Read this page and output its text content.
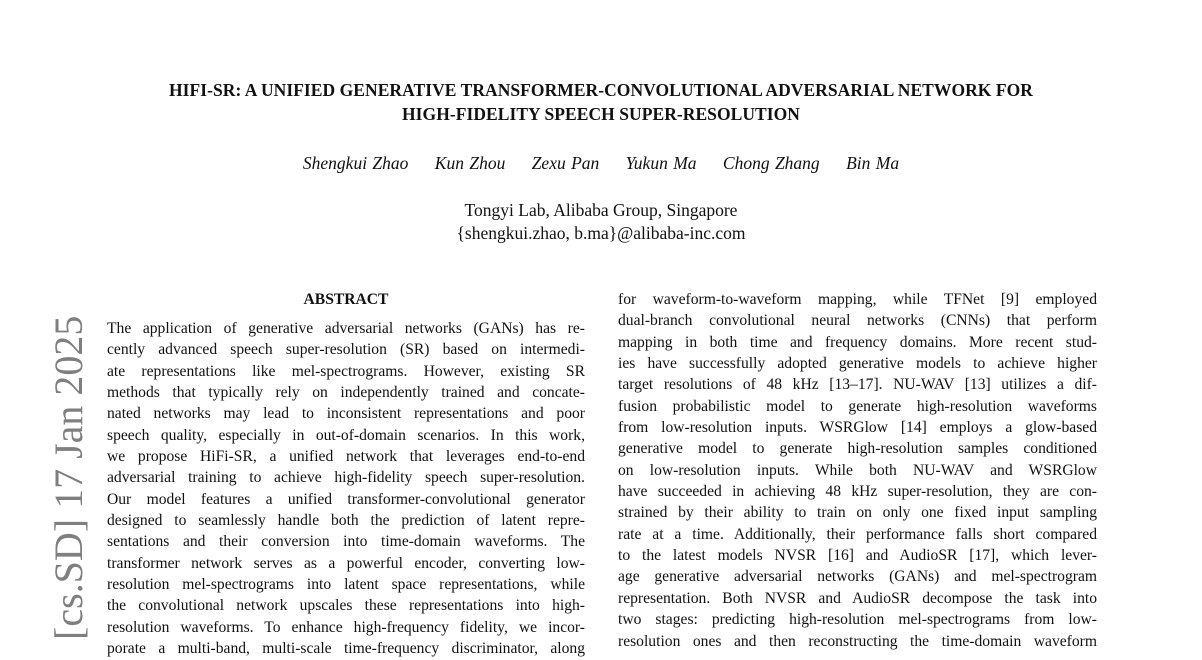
[cs.SD] 17 Jan 2025
HIFI-SR: A UNIFIED GENERATIVE TRANSFORMER-CONVOLUTIONAL ADVERSARIAL NETWORK FOR
HIGH-FIDELITY SPEECH SUPER-RESOLUTION
Shengkui Zhao Kun Zhou Zexu Pan Yukun Ma Chong Zhang Bin Ma
Tongyi Lab, Alibaba Group, Singapore
{shengkui.zhao, b.ma}@alibaba-inc.com
ABSTRACT
The application of generative adversarial networks (GANs) has re-
cently advanced speech super-resolution (SR) based on intermedi-
ate representations like mel-spectrograms. However, existing SR
methods that typically rely on independently trained and concate-
nated networks may lead to inconsistent representations and poor
speech quality, especially in out-of-domain scenarios. In this work,
we propose HiFi-SR, a unified network that leverages end-to-end
adversarial training to achieve high-fidelity speech super-resolution.
Our model features a unified transformer-convolutional generator
designed to seamlessly handle both the prediction of latent repre-
sentations and their conversion into time-domain waveforms. The
transformer network serves as a powerful encoder, converting low-
resolution mel-spectrograms into latent space representations, while
the convolutional network upscales these representations into high-
resolution waveforms. To enhance high-frequency fidelity, we incor-
porate a multi-band, multi-scale time-frequency discriminator, along
for waveform-to-waveform mapping, while TFNet [9] employed
dual-branch convolutional neural networks (CNNs) that perform
mapping in both time and frequency domains. More recent stud-
ies have successfully adopted generative models to achieve higher
target resolutions of 48 kHz [13–17]. NU-WAV [13] utilizes a dif-
fusion probabilistic model to generate high-resolution waveforms
from low-resolution inputs. WSRGlow [14] employs a glow-based
generative model to generate high-resolution samples conditioned
on low-resolution inputs. While both NU-WAV and WSRGlow
have succeeded in achieving 48 kHz super-resolution, they are con-
strained by their ability to train on only one fixed input sampling
rate at a time. Additionally, their performance falls short compared
to the latest models NVSR [16] and AudioSR [17], which lever-
age generative adversarial networks (GANs) and mel-spectrogram
representation. Both NVSR and AudioSR decompose the task into
two stages: predicting high-resolution mel-spectrograms from low-
resolution ones and then reconstructing the time-domain waveform
